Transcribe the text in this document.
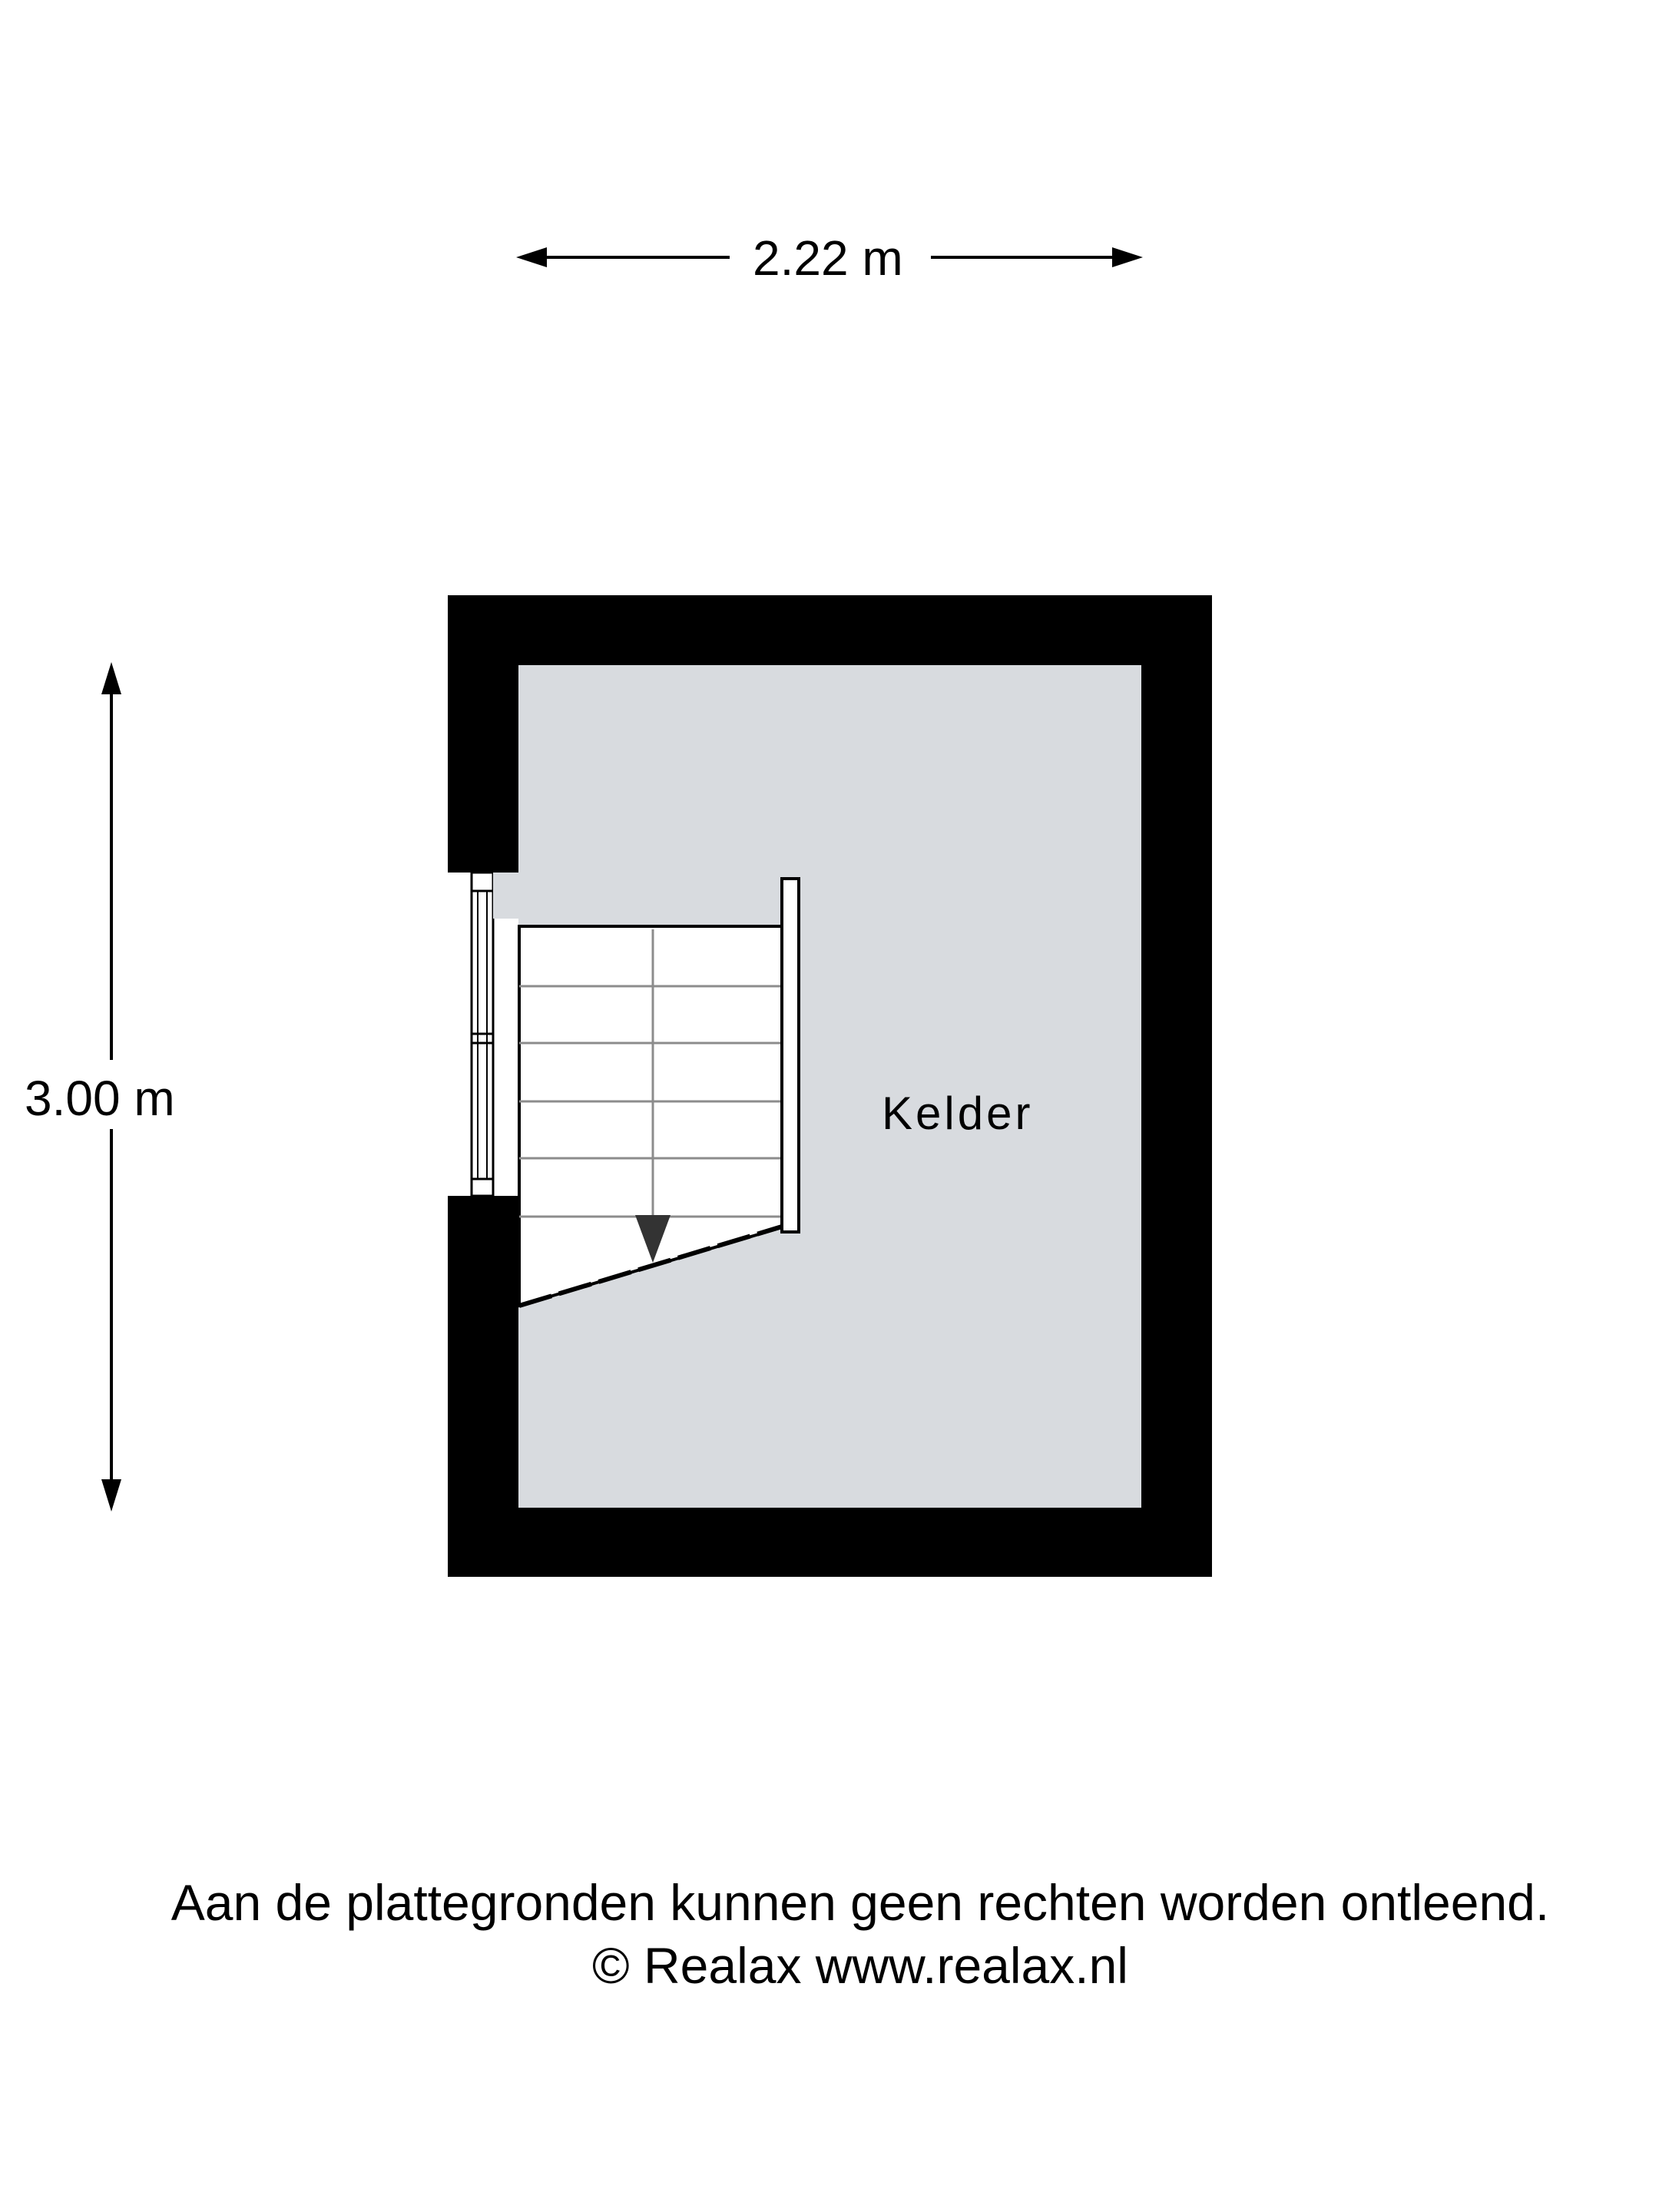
2.22 m
3.00 m	Kelder
Aan de plattegronden kunnen geen rechten worden ontleend.
© Realax www.realax.nl
